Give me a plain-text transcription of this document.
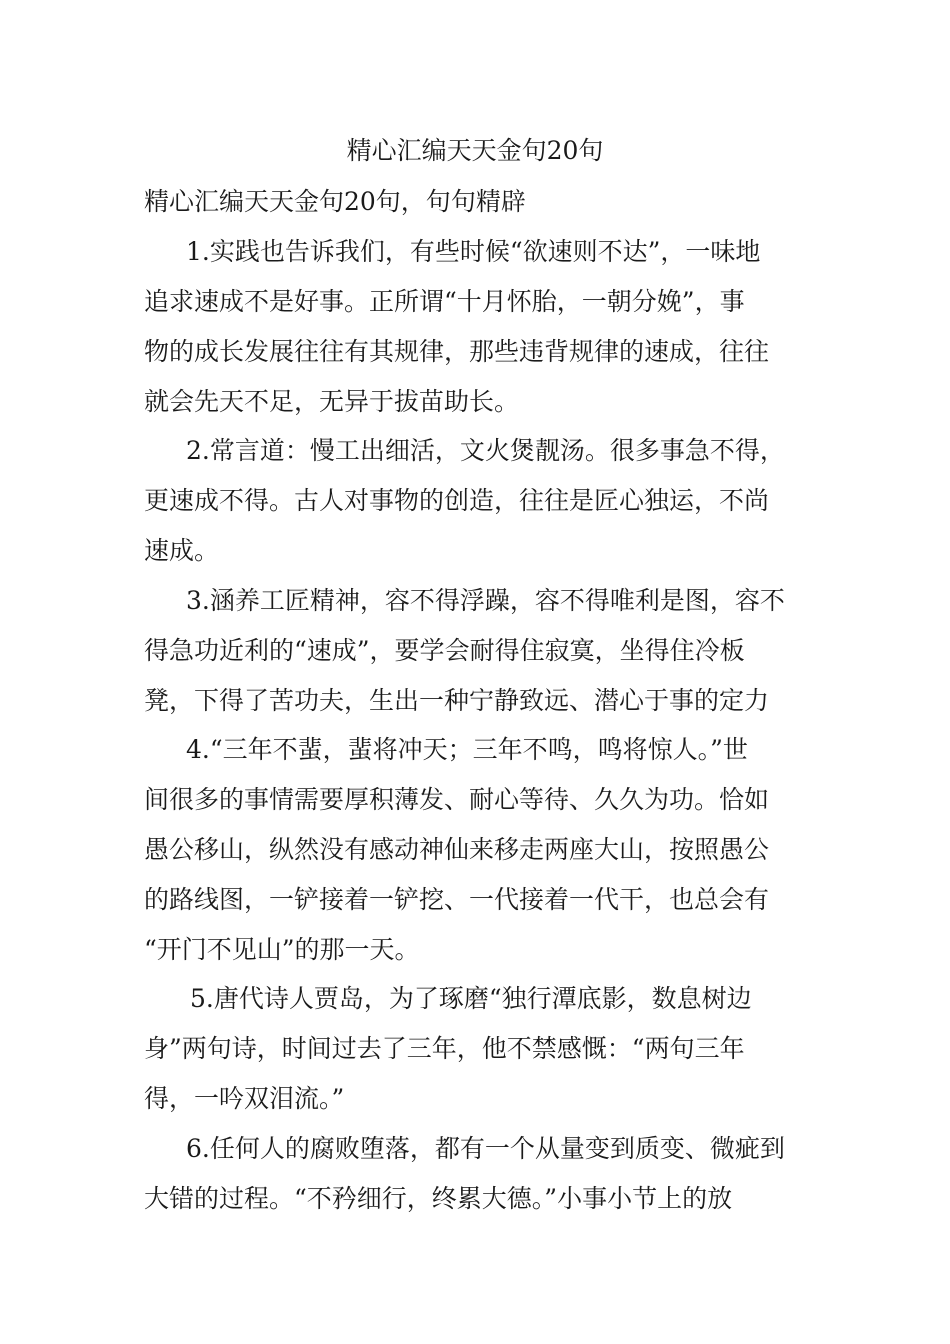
精心汇编天天金句20句
精心汇编天天金句20句，句句精辟
1.实践也告诉我们，有些时候“欲速则不达”，一味地
追求速成不是好事。正所谓“十月怀胎，一朝分娩”，事
物的成长发展往往有其规律，那些违背规律的速成，往往
就会先天不足，无异于拔苗助长。
2.常言道：慢工出细活，文火煲靓汤。很多事急不得，
更速成不得。古人对事物的创造，往往是匠心独运，不尚
速成。
3.涵养工匠精神，容不得浮躁，容不得唯利是图，容不
得急功近利的“速成”，要学会耐得住寂寞，坐得住冷板
凳，下得了苦功夫，生出一种宁静致远、潜心于事的定力
4.“三年不蜚，蜚将冲天；三年不鸣，鸣将惊人。”世
间很多的事情需要厚积薄发、耐心等待、久久为功。恰如
愚公移山，纵然没有感动神仙来移走两座大山，按照愚公
的路线图，一铲接着一铲挖、一代接着一代干，也总会有
“开门不见山”的那一天。
5.唐代诗人贾岛，为了琢磨“独行潭底影，数息树边
身”两句诗，时间过去了三年，他不禁感慨：“两句三年
得，一吟双泪流。”
6.任何人的腐败堕落，都有一个从量变到质变、微疵到
大错的过程。“不矜细行，终累大德。”小事小节上的放
